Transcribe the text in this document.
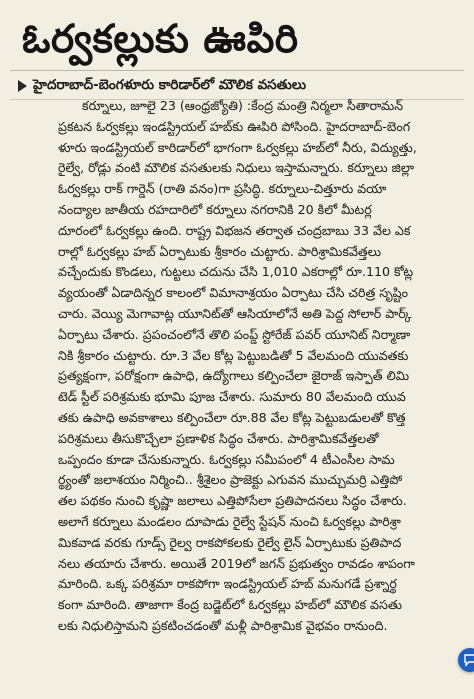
ఓర్వకల్లుకు ఊపిరి
హైదరాబాద్‌-బెంగళూరు కారిడార్‌లో మౌలిక వసతులు
కర్నూలు, జూలై 23 (ఆంధ్రజ్యోతి) :కేంద్ర మంత్రి నిర్మలా సీతారామన్‌
ప్రకటన ఓర్వకల్లు ఇండస్ట్రియల్‌ హబ్‌కు ఊపిరి పోసింది. హైదరాబాద్‌-బెంగ
ళూరు ఇండస్ట్రియల్‌ కారిడార్‌లో భాగంగా ఓర్వకల్లు హబ్‌లో నీరు, విద్యుత్తు,
రైల్వే, రోడ్లు వంటి మౌలిక వసతులకు నిధులు ఇస్తామన్నారు. కర్నూలు జిల్లా
ఓర్వకల్లు రాక్‌ గార్డెన్‌ (రాతి వనం)గా ప్రసిద్ధి. కర్నూలు-చిత్తూరు వయా
నంద్యాల జాతీయ రహదారిలో కర్నూలు నగరానికి 20 కిలో మీటర్ల
దూరంలో ఓర్వకల్లు ఉంది. రాష్ట్ర విభజన తర్వాత చంద్రబాబు 33 వేల ఎక
రాల్లో ఓర్వకల్లు హబ్‌ ఏర్పాటుకు శ్రీకారం చుట్టారు. పారిశ్రామికవేత్తలు
వచ్చేందుకు కొండలు, గుట్టలు చదును చేసి 1,010 ఎకరాల్లో రూ.110 కోట్ల
వ్యయంతో ఏడాదిన్నర కాలంలో విమానాశ్రయం ఏర్పాటు చేసి చరిత్ర సృష్టిం
చారు. వెయ్యి మెగావాట్ల యూనిట్‌తో ఆసియాలోనే అతి పెద్ద సోలార్‌ పార్క్‌
ఏర్పాటు చేశారు. ప్రపంచంలోనే తొలి పంప్డ్‌ స్టోరేజ్‌ పవర్‌ యూనిట్‌ నిర్మాణా
నికి శ్రీకారం చుట్టారు. రూ.3 వేల కోట్ల పెట్టుబడితో 5 వేలమంది యువతకు
ప్రత్యక్షంగా, పరోక్షంగా ఉపాధి, ఉద్యోగాలు కల్పించేలా జైరాజ్‌ ఇస్పాత్‌ లిమి
టెడ్‌ స్టీల్‌ పరిశ్రమకు భూమి పూజ చేశారు. సుమారు 80 వేలమంది యువ
తకు ఉపాధి అవకాశాలు కల్పించేలా రూ.88 వేల కోట్ల పెట్టుబడులతో కొత్త
పరిశ్రమలు తీసుకొచ్చేలా ప్రణాళిక సిద్ధం చేశారు. పారిశ్రామికవేత్తలతో
ఒప్పందం కూడా చేసుకున్నారు. ఓర్వకల్లు సమీపంలో 4 టీఎంసీల సామ
ర్థ్యంతో జలాశయం నిర్మించి.. శ్రీశైలం ప్రాజెక్టు ఎగువన ముచ్చుమర్రి ఎత్తిపో
తల పథకం నుంచి కృష్ణా జలాలు ఎత్తిపోసేలా ప్రతిపాదనలు సిద్ధం చేశారు.
అలాగే కర్నూలు మండలం దూపాడు రైల్వే స్టేషన్‌ నుంచి ఓర్వకల్లు పారిశ్రా
మికవాడ వరకు గూడ్స్‌ రైల్వ రాకపోకలకు రైల్వే లైన్‌ ఏర్పాటుకు ప్రతిపాద
నలు తయారు చేశారు. అయితే 2019లో జగన్‌ ప్రభుత్వం రావడం శాపంగా
మారింది. ఒక్క పరిశ్రమా రాకపోగా ఇండస్ట్రియల్‌ హబ్‌ మనుగడే ప్రశ్నార్థ
కంగా మారింది. తాజాగా కేంద్ర బడ్జెట్‌లో ఓర్వకల్లు హబ్‌లో మౌలిక వసతు
లకు నిధులిస్తామని ప్రకటించడంతో మళ్లీ పారిశ్రామిక వైభవం రానుంది.
